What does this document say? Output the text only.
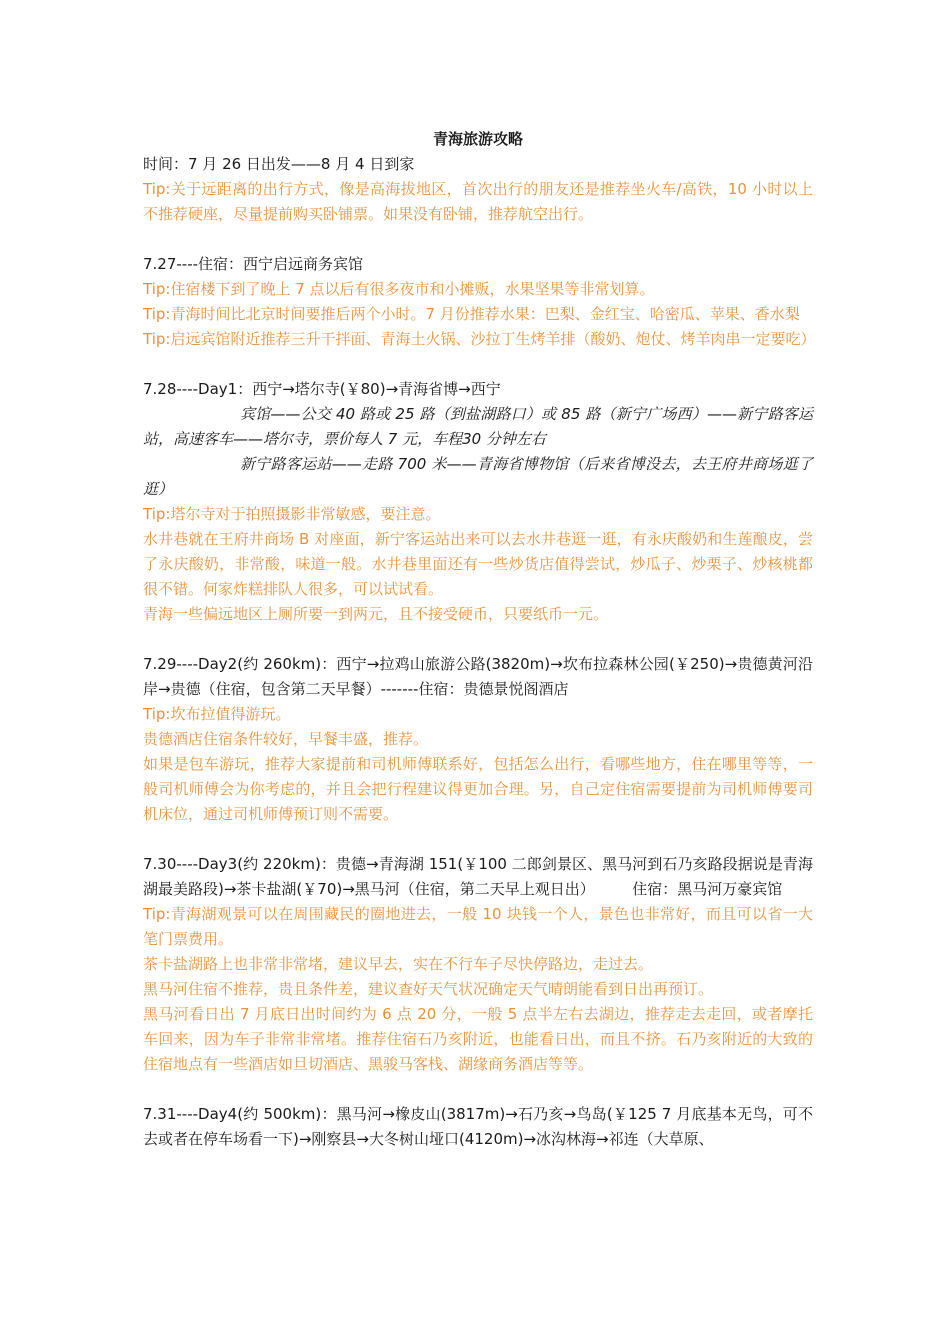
青海旅游攻略

时间：7 月 26 日出发——8 月 4 日到家

Tip:关于远距离的出行方式，像是高海拔地区，首次出行的朋友还是推荐坐火车/高铁，10 小时以上不推荐硬座，尽量提前购买卧铺票。如果没有卧铺，推荐航空出行。

7.27----住宿：西宁启远商务宾馆

Tip:住宿楼下到了晚上 7 点以后有很多夜市和小摊贩，水果坚果等非常划算。

Tip:青海时间比北京时间要推后两个小时。7 月份推荐水果：巴梨、金红宝、哈密瓜、苹果、香水梨

Tip:启远宾馆附近推荐三升干拌面、青海土火锅、沙拉丁生烤羊排（酸奶、炮仗、烤羊肉串一定要吃）

7.28----Day1：西宁→塔尔寺(￥80)→青海省博→西宁

宾馆——公交 40 路或 25 路（到盐湖路口）或 85 路（新宁广场西）——新宁路客运站，高速客车——塔尔寺，票价每人 7 元，车程30 分钟左右

新宁路客运站——走路 700 米——青海省博物馆（后来省博没去，去王府井商场逛了逛）

Tip:塔尔寺对于拍照摄影非常敏感，要注意。

水井巷就在王府井商场 B 对座面，新宁客运站出来可以去水井巷逛一逛，有永庆酸奶和生莲酿皮，尝了永庆酸奶，非常酸，味道一般。水井巷里面还有一些炒货店值得尝试，炒瓜子、炒栗子、炒核桃都很不错。何家炸糕排队人很多，可以试试看。

青海一些偏远地区上厕所要一到两元，且不接受硬币，只要纸币一元。

7.29----Day2(约 260km)：西宁→拉鸡山旅游公路(3820m)→坎布拉森林公园(￥250)→贵德黄河沿岸→贵德（住宿，包含第二天早餐）-------住宿：贵德景悦阁酒店

Tip:坎布拉值得游玩。

贵德酒店住宿条件较好，早餐丰盛，推荐。

如果是包车游玩，推荐大家提前和司机师傅联系好，包括怎么出行，看哪些地方，住在哪里等等，一般司机师傅会为你考虑的，并且会把行程建议得更加合理。另，自己定住宿需要提前为司机师傅要司机床位，通过司机师傅预订则不需要。

7.30----Day3(约 220km)：贵德→青海湖 151(￥100 二郎剑景区、黑马河到石乃亥路段据说是青海湖最美路段)→茶卡盐湖(￥70)→黑马河（住宿，第二天早上观日出）　　　住宿：黑马河万豪宾馆

Tip:青海湖观景可以在周围藏民的圈地进去，一般 10 块钱一个人，景色也非常好，而且可以省一大笔门票费用。

茶卡盐湖路上也非常非常堵，建议早去，实在不行车子尽快停路边，走过去。

黑马河住宿不推荐，贵且条件差，建议查好天气状况确定天气晴朗能看到日出再预订。

黑马河看日出 7 月底日出时间约为 6 点 20 分，一般 5 点半左右去湖边，推荐走去走回，或者摩托车回来，因为车子非常非常堵。推荐住宿石乃亥附近，也能看日出，而且不挤。石乃亥附近的大致的住宿地点有一些酒店如旦切酒店、黑骏马客栈、湖缘商务酒店等等。

7.31----Day4(约 500km)：黑马河→橡皮山(3817m)→石乃亥→鸟岛(￥125 7 月底基本无鸟，可不去或者在停车场看一下)→刚察县→大冬树山垭口(4120m)→冰沟林海→祁连（大草原、
